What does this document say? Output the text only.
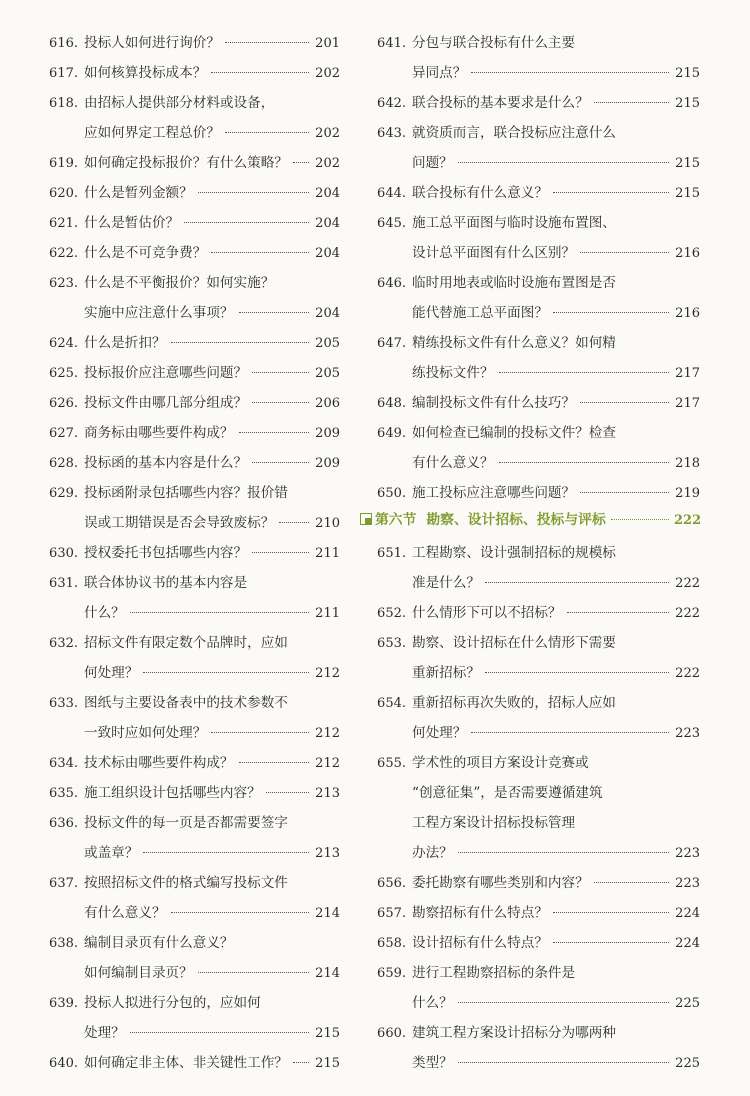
616. 投标人如何进行询价？	201
617. 如何核算投标成本？	202
618. 由招标人提供部分材料或设备，
应如何界定工程总价？	202
619. 如何确定投标报价？有什么策略？ 202
620. 什么是暂列金额？	204
621. 什么是暂估价？	204
622. 什么是不可竞争费？	204
623. 什么是不平衡报价？如何实施？
实施中应注意什么事项？	204
624. 什么是折扣？	205
625. 投标报价应注意哪些问题？	205
626. 投标文件由哪几部分组成？	206
627. 商务标由哪些要件构成？	209
628. 投标函的基本内容是什么？	209
629. 投标函附录包括哪些内容？报价错
误或工期错误是否会导致废标？	210
630. 授权委托书包括哪些内容？	211
631. 联合体协议书的基本内容是
什么？	211
632. 招标文件有限定数个品牌时，应如
何处理？	212
633. 图纸与主要设备表中的技术参数不
一致时应如何处理？	212
634. 技术标由哪些要件构成？	212
635. 施工组织设计包括哪些内容？	213
636. 投标文件的每一页是否都需要签字
或盖章？	213
637. 按照招标文件的格式编写投标文件
有什么意义？	214
638. 编制目录页有什么意义？
如何编制目录页？	214
639. 投标人拟进行分包的，应如何
处理？	215
640. 如何确定非主体、非关键性工作？ 215
641. 分包与联合投标有什么主要
异同点？	215
642. 联合投标的基本要求是什么？	215
643. 就资质而言，联合投标应注意什么
问题？	215
644. 联合投标有什么意义？	215
645. 施工总平面图与临时设施布置图、
设计总平面图有什么区别？	216
646. 临时用地表或临时设施布置图是否
能代替施工总平面图？	216
647. 精练投标文件有什么意义？如何精
练投标文件？	217
648. 编制投标文件有什么技巧？	217
649. 如何检查已编制的投标文件？检查
有什么意义？	218
650. 施工投标应注意哪些问题？	219
第六节 勘察、设计招标、投标与评标	222
651. 工程勘察、设计强制招标的规模标
准是什么？	222
652. 什么情形下可以不招标？	222
653. 勘察、设计招标在什么情形下需要
重新招标？	222
654. 重新招标再次失败的，招标人应如
何处理？	223
655. 学术性的项目方案设计竞赛或
“创意征集”，是否需要遵循建筑
工程方案设计招标投标管理
办法？	223
656. 委托勘察有哪些类别和内容？	223
657. 勘察招标有什么特点？	224
658. 设计招标有什么特点？	224
659. 进行工程勘察招标的条件是
什么？	225
660. 建筑工程方案设计招标分为哪两种
类型？	225
